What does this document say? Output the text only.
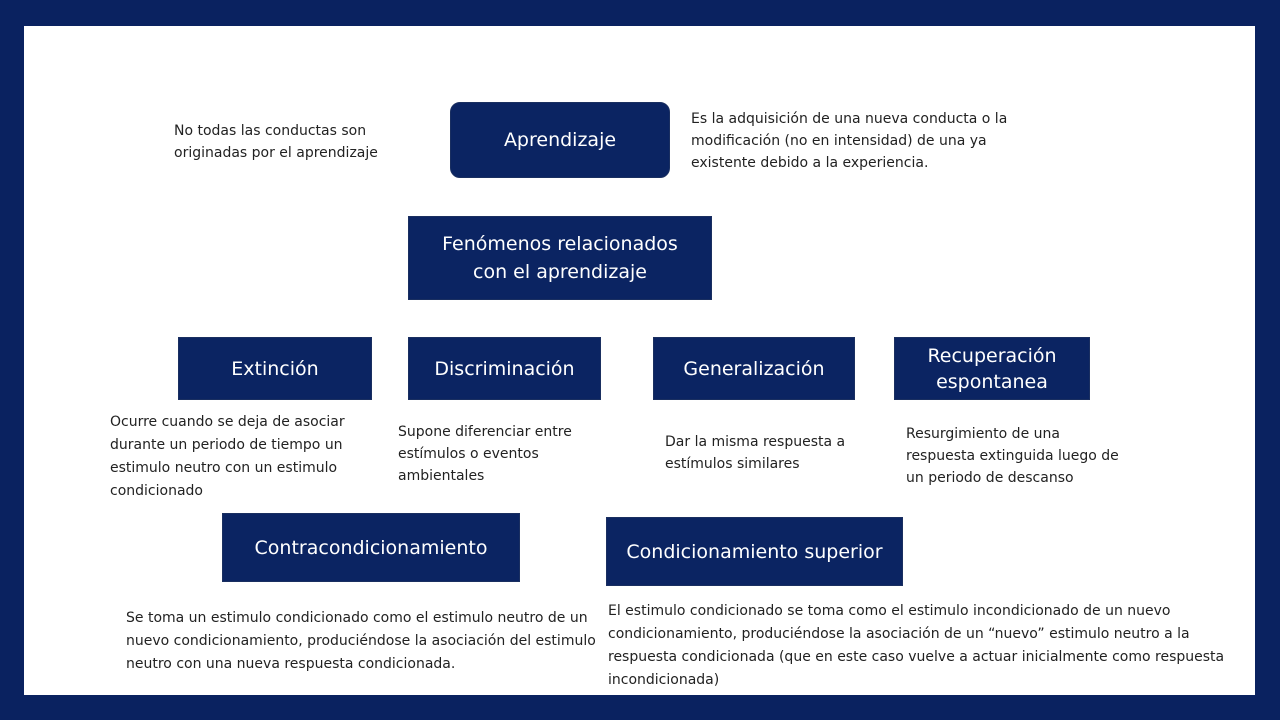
Aprendizaje

No todas las conductas son originadas por el aprendizaje

Es la adquisición de una nueva conducta o la modificación (no en intensidad) de una ya existente debido a la experiencia.

Fenómenos relacionados con el aprendizaje
Extinción	Discriminación	Generalización
Recuperación espontanea

Ocurre cuando se deja de asociar durante un periodo de tiempo un estimulo neutro con un estimulo condicionado

Supone diferenciar entre estímulos o eventos ambientales

Dar la misma respuesta a estímulos similares

Resurgimiento de una respuesta extinguida luego de un periodo de descanso

Contracondicionamiento	Condicionamiento superior

Se toma un estimulo condicionado como el estimulo neutro de un nuevo condicionamiento, produciéndose la asociación del estimulo neutro con una nueva respuesta condicionada.

El estimulo condicionado se toma como el estimulo incondicionado de un nuevo condicionamiento, produciéndose la asociación de un “nuevo” estimulo neutro a la respuesta condicionada (que en este caso vuelve a actuar inicialmente como respuesta incondicionada)
